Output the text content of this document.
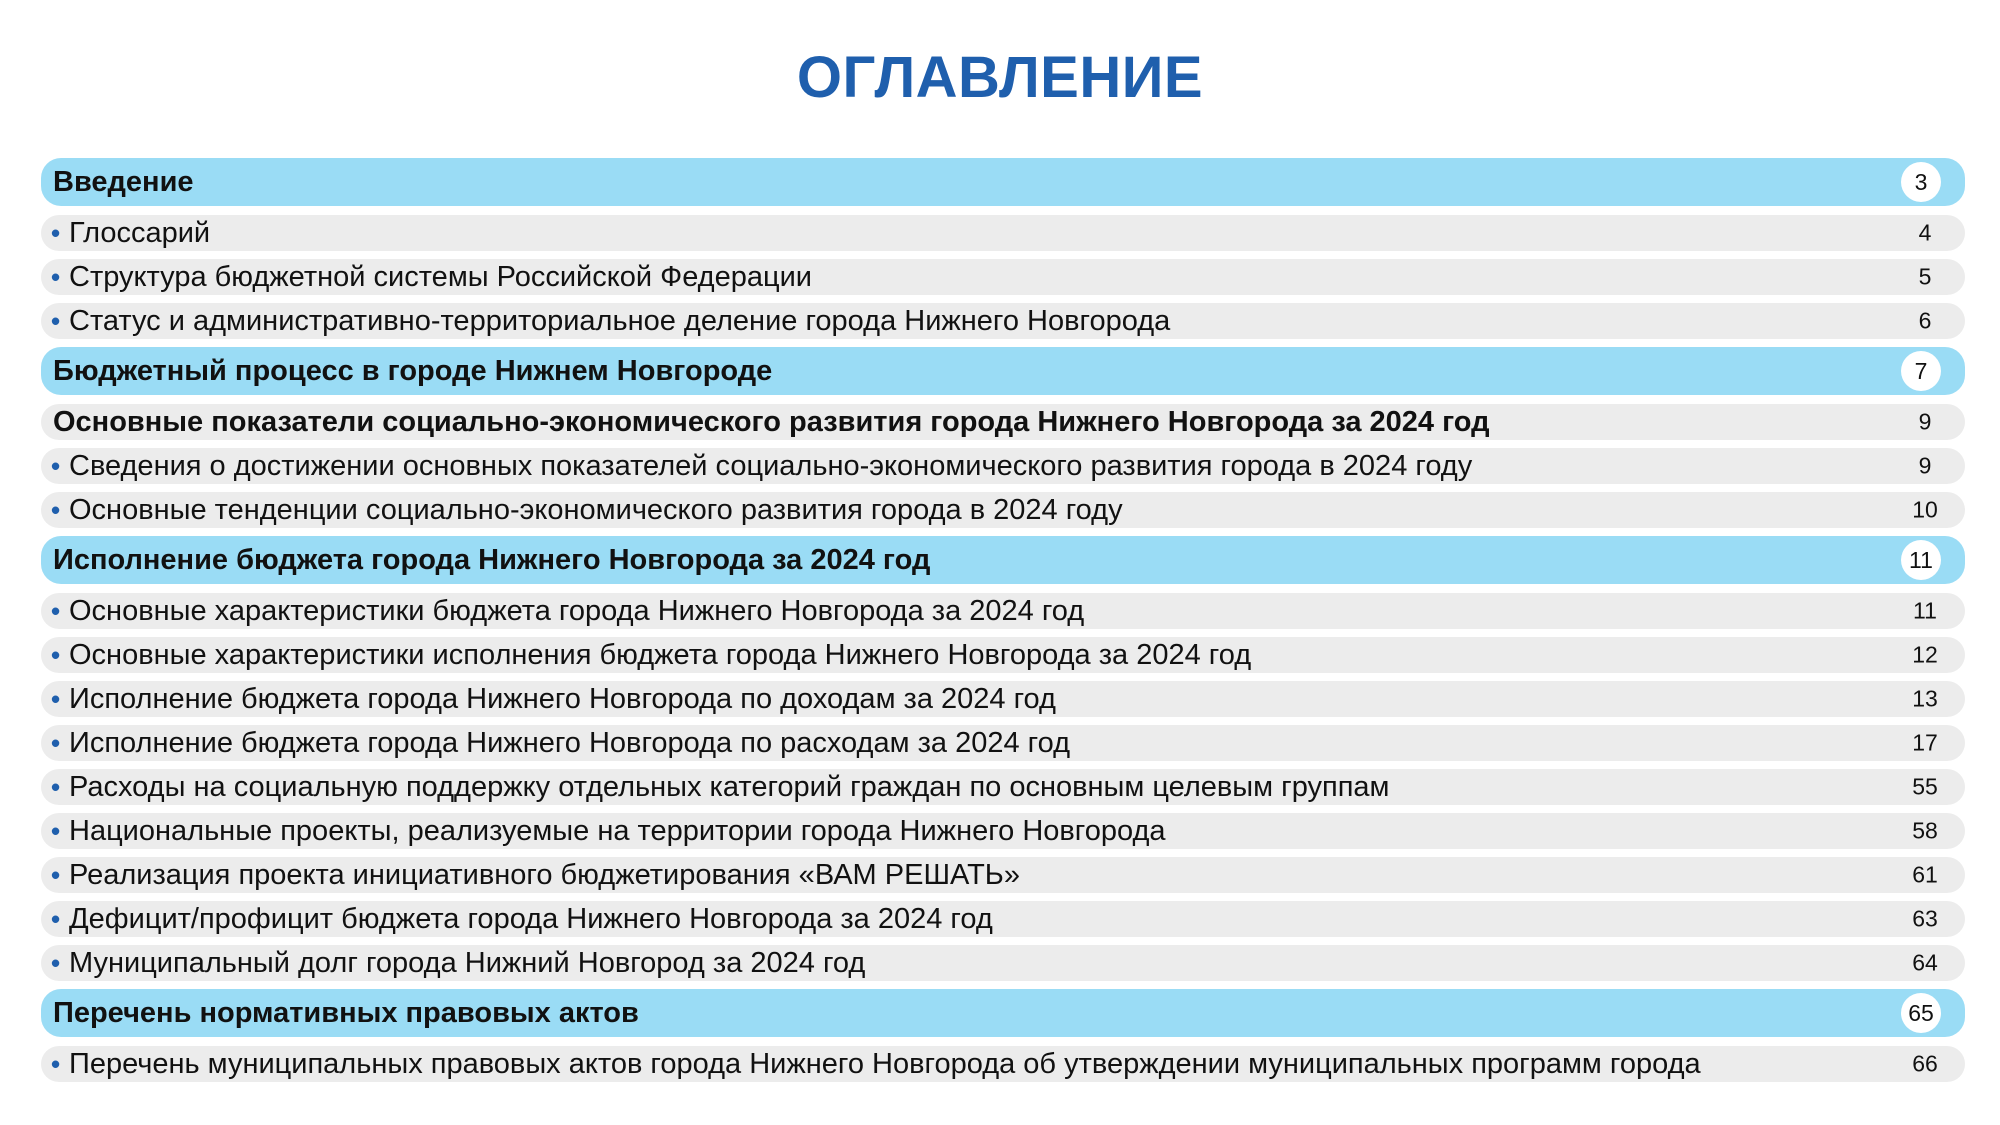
ОГЛАВЛЕНИЕ
Введение	3
• Глоссарий	4
• Структура бюджетной системы Российской Федерации	5
• Статус и административно-территориальное деление города Нижнего Новгорода	6
Бюджетный процесс в городе Нижнем Новгороде	7
Основные показатели социально-экономического развития города Нижнего Новгорода за 2024 год	9
• Сведения о достижении основных показателей социально-экономического развития города в 2024 году	9
• Основные тенденции социально-экономического развития города в 2024 году	10
Исполнение бюджета города Нижнего Новгорода за 2024 год	11
• Основные характеристики бюджета города Нижнего Новгорода за 2024 год	11
• Основные характеристики исполнения бюджета города Нижнего Новгорода за 2024 год	12
• Исполнение бюджета города Нижнего Новгорода по доходам за 2024 год	13
• Исполнение бюджета города Нижнего Новгорода по расходам за 2024 год	17
• Расходы на социальную поддержку отдельных категорий граждан по основным целевым группам	55
• Национальные проекты, реализуемые на территории города Нижнего Новгорода	58
• Реализация проекта инициативного бюджетирования «ВАМ РЕШАТЬ»	61
• Дефицит/профицит бюджета города Нижнего Новгорода за 2024 год	63
• Муниципальный долг города Нижний Новгород за 2024 год	64
Перечень нормативных правовых актов	65
• Перечень муниципальных правовых актов города Нижнего Новгорода об утверждении муниципальных программ города	66
